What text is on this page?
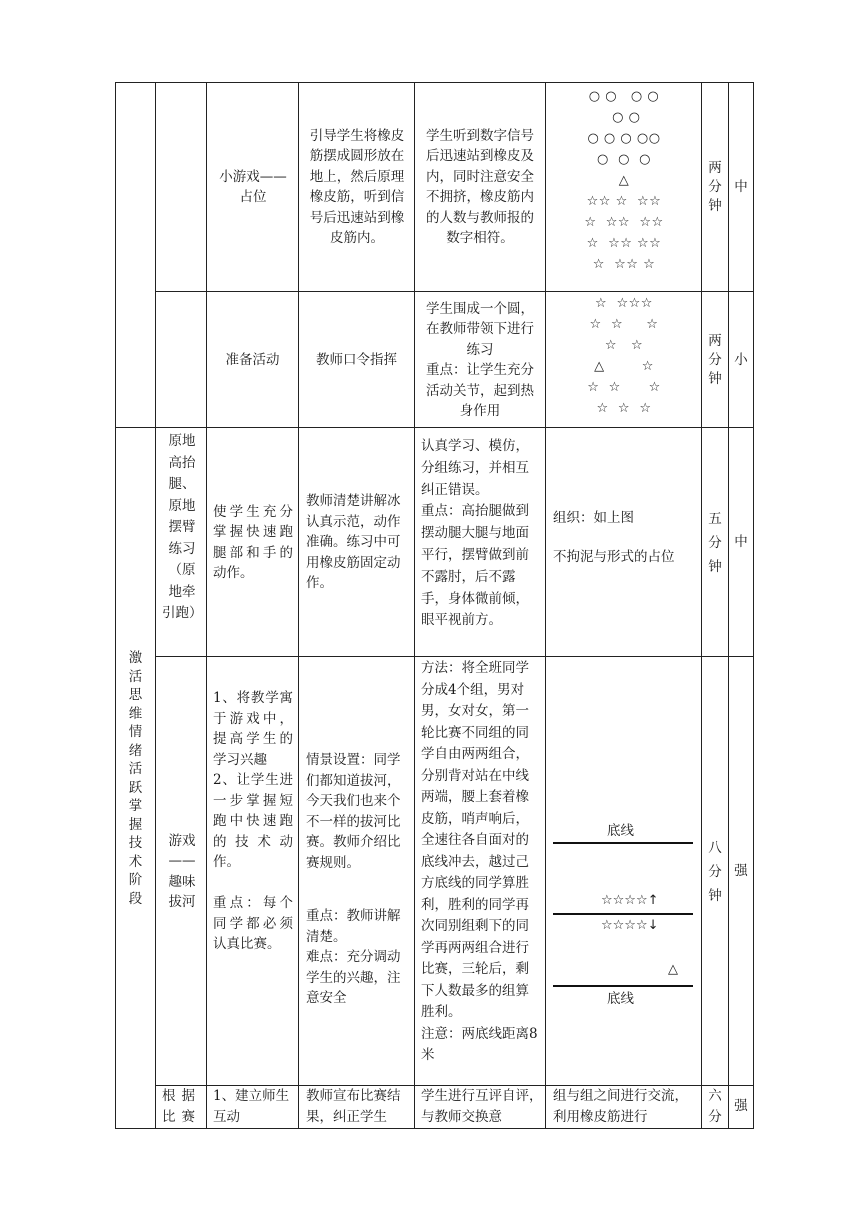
小游戏——占位
引导学生将橡皮筋摆成圆形放在地上，然后原理橡皮筋，听到信号后迅速站到橡皮筋内。
学生听到数字信号后迅速站到橡皮及内，同时注意安全不拥挤，橡皮筋内的人数与教师报的数字相符。
○ ○   ○ ○
○ ○
○ ○ ○ ○○
○  ○  ○
△
☆☆ ☆  ☆☆
☆  ☆☆  ☆☆
☆  ☆☆ ☆☆
☆  ☆☆ ☆
两分钟
中
准备活动	教师口令指挥
学生围成一个圆，在教师带领下进行练习
重点：让学生充分活动关节，起到热身作用
☆  ☆☆☆
☆  ☆     ☆
☆   ☆
△        ☆
☆  ☆      ☆
☆  ☆  ☆
两分钟
小
激活思维情绪活跃掌握技术阶段
原地高抬腿、原地摆臂练习（原地牵引跑）
使学生充分掌握快速跑腿部和手的动作。
教师清楚讲解冰认真示范，动作准确。练习中可用橡皮筋固定动作。
认真学习、模仿，分组练习，并相互纠正错误。
重点：高抬腿做到摆动腿大腿与地面平行，摆臂做到前不露肘，后不露手，身体微前倾，眼平视前方。
组织：如上图
不拘泥与形式的占位
五分钟
中
游戏——趣味拔河
1、将教学寓于游戏中，提高学生的学习兴趣
2、让学生进一步掌握短跑中快速跑的技术动作。

重点：每个同学都必须认真比赛。
情景设置：同学们都知道拔河，今天我们也来个不一样的拔河比赛。教师介绍比赛规则。
重点：教师讲解清楚。
难点：充分调动学生的兴趣，注意安全
方法：将全班同学分成4个组，男对男，女对女，第一轮比赛不同组的同学自由两两组合，分别背对站在中线两端，腰上套着橡皮筋，哨声响后，全速往各自面对的底线冲去，越过己方底线的同学算胜利，胜利的同学再次同别组剩下的同学再两两组合进行比赛，三轮后，剩下人数最多的组算胜利。
注意：两底线距离8米
底线
☆☆☆☆↑
☆☆☆☆↓
△
底线
八分钟
强
根据比赛
1、建立师生互动
教师宣布比赛结果，纠正学生
学生进行互评自评，与教师交换意
组与组之间进行交流，利用橡皮筋进行
六分
强
